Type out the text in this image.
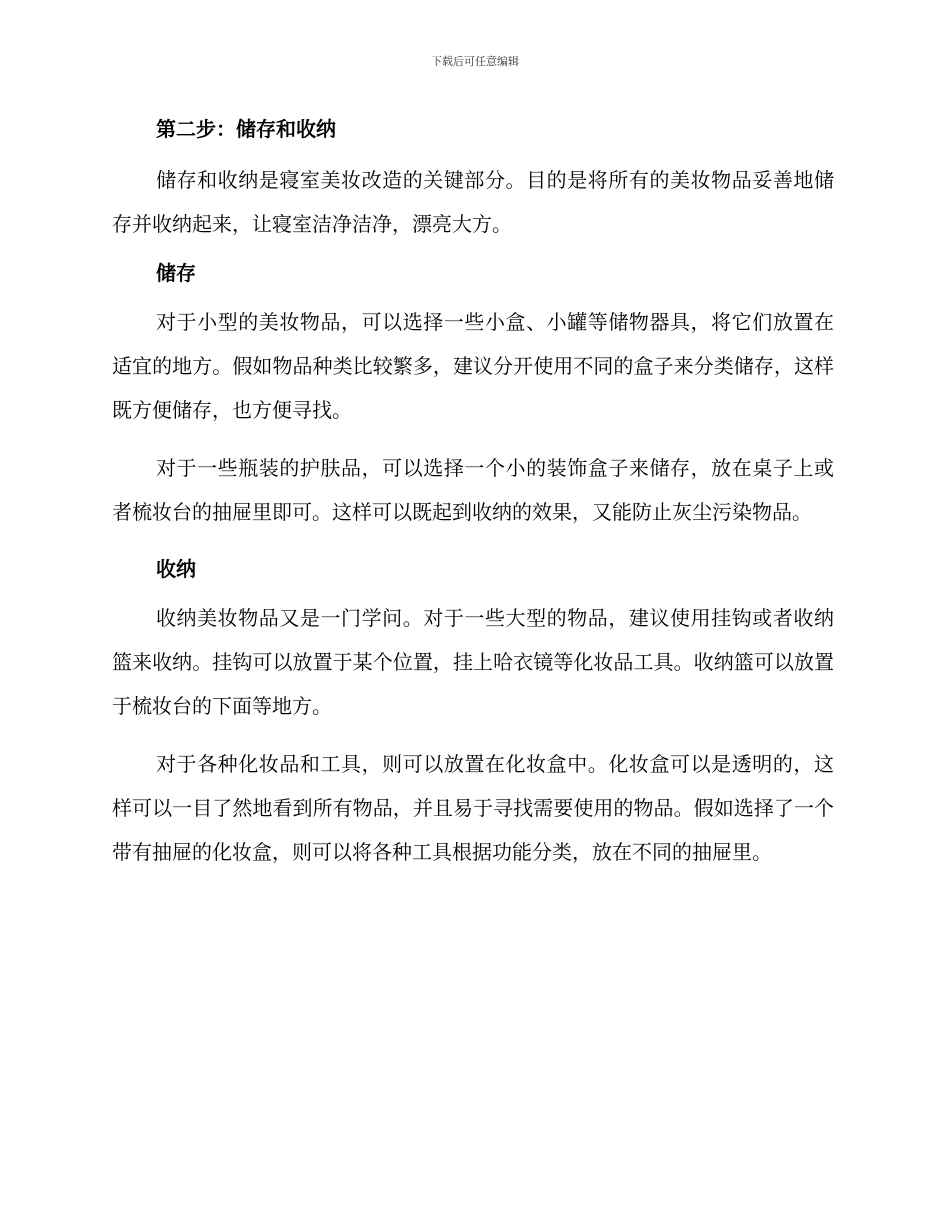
下载后可任意编辑
第二步：储存和收纳

储存和收纳是寝室美妆改造的关键部分。目的是将所有的美妆物品妥善地储存并收纳起来，让寝室洁净洁净，漂亮大方。

储存

对于小型的美妆物品，可以选择一些小盒、小罐等储物器具，将它们放置在适宜的地方。假如物品种类比较繁多，建议分开使用不同的盒子来分类储存，这样既方便储存，也方便寻找。

对于一些瓶装的护肤品，可以选择一个小的装饰盒子来储存，放在桌子上或者梳妆台的抽屉里即可。这样可以既起到收纳的效果，又能防止灰尘污染物品。

收纳

收纳美妆物品又是一门学问。对于一些大型的物品，建议使用挂钩或者收纳篮来收纳。挂钩可以放置于某个位置，挂上哈衣镜等化妆品工具。收纳篮可以放置于梳妆台的下面等地方。

对于各种化妆品和工具，则可以放置在化妆盒中。化妆盒可以是透明的，这样可以一目了然地看到所有物品，并且易于寻找需要使用的物品。假如选择了一个带有抽屉的化妆盒，则可以将各种工具根据功能分类，放在不同的抽屉里。
